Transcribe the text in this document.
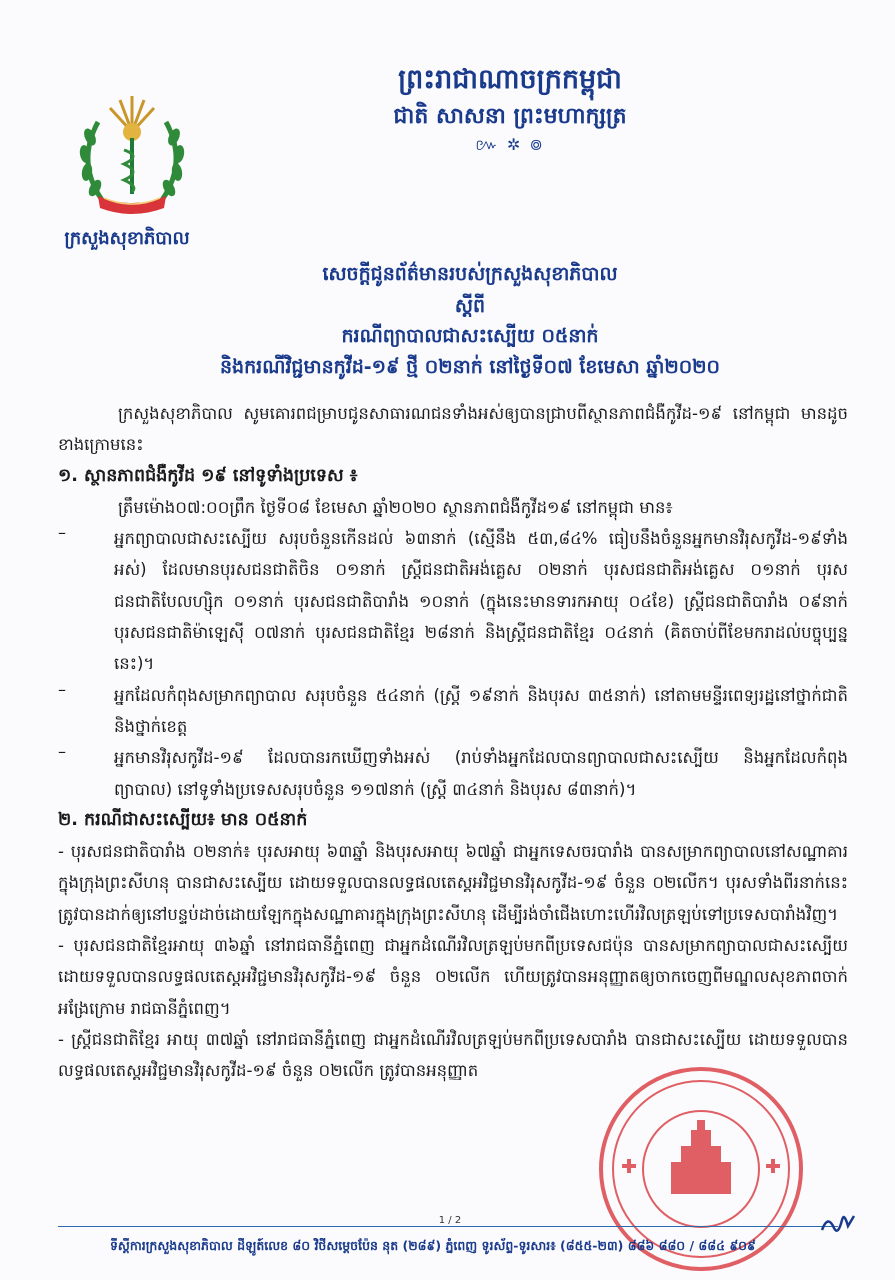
ក្រសួងសុខាភិបាល
ព្រះរាជាណាចក្រកម្ពុជា
ជាតិ សាសនា ព្រះមហាក្សត្រ
៚ ✲ ៙
សេចក្តីជូនព័ត៌មានរបស់ក្រសួងសុខាភិបាល
ស្តីពី
ករណីព្យាបាលជាសះស្បើយ ០៥នាក់
និងករណីវិជ្ជមានកូវីដ-១៩ ថ្មី ០២នាក់ នៅថ្ងៃទី០៧ ខែមេសា ឆ្នាំ២០២០

ក្រសួងសុខាភិបាល សូមគោរពជម្រាបជូនសាធារណជនទាំងអស់ឲ្យបានជ្រាបពីស្ថានភាពជំងឺកូវីដ-១៩ នៅកម្ពុជា មានដូចខាងក្រោមនេះ

១. ស្ថានភាពជំងឺកូវីដ ១៩ នៅទូទាំងប្រទេស ៖

ត្រឹមម៉ោង០៧:០០ព្រឹក ថ្ងៃទី០៨ ខែមេសា ឆ្នាំ២០២០ ស្ថានភាពជំងឺកូវីដ១៩ នៅកម្ពុជា មាន៖

–	អ្នកព្យាបាលជាសះស្បើយ សរុបចំនួនកើនដល់ ៦៣នាក់ (ស្មើនឹង ៥៣,៨៤% ធៀបនឹងចំនួនអ្នកមានវិរុសកូវីដ-១៩ទាំងអស់) ដែលមានបុរសជនជាតិចិន ០១នាក់ ស្ត្រីជនជាតិអង់គ្លេស ០២នាក់ បុរសជនជាតិអង់គ្លេស ០១នាក់ បុរសជនជាតិបែលហ្ស៊ិក ០១នាក់ បុរសជនជាតិបារាំង ១០នាក់ (ក្នុងនេះមានទារកអាយុ ០៤ខែ) ស្ត្រីជនជាតិបារាំង ០៩នាក់ បុរសជនជាតិម៉ាឡេស៊ី ០៧នាក់ បុរសជនជាតិខ្មែរ ២៨នាក់ និងស្ត្រីជនជាតិខ្មែរ ០៤នាក់ (គិតចាប់ពីខែមករាដល់បច្ចុប្បន្ននេះ)។

–	អ្នកដែលកំពុងសម្រាកព្យាបាល សរុបចំនួន ៥៤នាក់ (ស្ត្រី ១៩នាក់ និងបុរស ៣៥នាក់) នៅតាមមន្ទីរពេទ្យរដ្ឋនៅថ្នាក់ជាតិ និងថ្នាក់ខេត្ត

–	អ្នកមានវិរុសកូវីដ-១៩ ដែលបានរកឃើញទាំងអស់ (រាប់ទាំងអ្នកដែលបានព្យាបាលជាសះស្បើយ និងអ្នកដែលកំពុងព្យាបាល) នៅទូទាំងប្រទេសសរុបចំនួន ១១៧នាក់ (ស្ត្រី ៣៤នាក់ និងបុរស ៨៣នាក់)។

២. ករណីជាសះស្បើយ៖ មាន ០៥នាក់

- បុរសជនជាតិបារាំង ០២នាក់៖ បុរសអាយុ ៦៣ឆ្នាំ និងបុរសអាយុ ៦៧ឆ្នាំ ជាអ្នកទេសចរបារាំង បានសម្រាកព្យាបាលនៅសណ្ឋាគារក្នុងក្រុងព្រះសីហនុ បានជាសះស្បើយ ដោយទទួលបានលទ្ធផលតេស្តអវិជ្ជមានវិរុសកូវីដ-១៩ ចំនួន ០២លើក។ បុរសទាំងពីរនាក់នេះ ត្រូវបានដាក់ឲ្យនៅបន្ទប់ដាច់ដោយឡែកក្នុងសណ្ឋាគារក្នុងក្រុងព្រះសីហនុ ដើម្បីរង់ចាំជើងហោះហើរវិលត្រឡប់ទៅប្រទេសបារាំងវិញ។

- បុរសជនជាតិខ្មែរអាយុ ៣៦ឆ្នាំ នៅរាជធានីភ្នំពេញ ជាអ្នកដំណើរវិលត្រឡប់មកពីប្រទេសជប៉ុន បានសម្រាកព្យាបាលជាសះស្បើយ ដោយទទួលបានលទ្ធផលតេស្តអវិជ្ជមានវិរុសកូវីដ-១៩ ចំនួន ០២លើក ហើយត្រូវបានអនុញ្ញាតឲ្យចាកចេញពីមណ្ឌលសុខភាពចាក់អង្រែក្រោម រាជធានីភ្នំពេញ។

- ស្ត្រីជនជាតិខ្មែរ អាយុ ៣៧ឆ្នាំ នៅរាជធានីភ្នំពេញ ជាអ្នកដំណើរវិលត្រឡប់មកពីប្រទេសបារាំង បានជាសះស្បើយ ដោយទទួលបានលទ្ធផលតេស្តអវិជ្ជមានវិរុសកូវីដ-១៩ ចំនួន ០២លើក ត្រូវបានអនុញ្ញាត

1 / 2
ទីស្តីការក្រសួងសុខាភិបាល ដីឡូត៍លេខ ៨០ វិថីសម្តេចប៉ែន នុត (២៨៩) ភ្នំពេញ ទូរស័ព្ទ-ទូរសារ៖ (៨៥៥-២៣) ៨៨៦ ៨៨០ / ៨៨៤ ៩០៩
